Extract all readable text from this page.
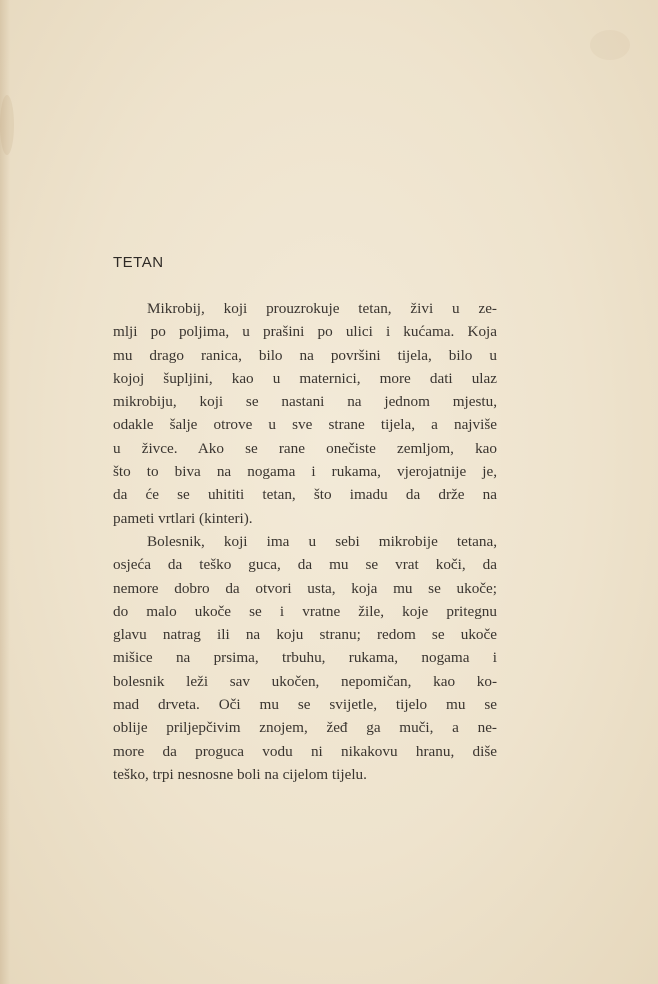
TETAN

Mikrobij, koji prouzrokuje tetan, živi u ze-
mlji po poljima, u prašini po ulici i kućama. Koja
mu drago ranica, bilo na površini tijela, bilo u
kojoj šupljini, kao u maternici, more dati ulaz
mikrobiju, koji se nastani na jednom mjestu,
odakle šalje otrove u sve strane tijela, a najviše
u živce. Ako se rane onečiste zemljom, kao
što to biva na nogama i rukama, vjerojatnije je,
da će se uhititi tetan, što imadu da drže na
pameti vrtlari (kinteri).

Bolesnik, koji ima u sebi mikrobije tetana,
osjeća da teško guca, da mu se vrat koči, da
nemore dobro da otvori usta, koja mu se ukoče;
do malo ukoče se i vratne žile, koje pritegnu
glavu natrag ili na koju stranu; redom se ukoče
mišice na prsima, trbuhu, rukama, nogama i
bolesnik leži sav ukočen, nepomičan, kao ko-
mad drveta. Oči mu se svijetle, tijelo mu se
oblije priljepčivim znojem, žeđ ga muči, a ne-
more da proguca vodu ni nikakovu hranu, diše
teško, trpi nesnosne boli na cijelom tijelu.
